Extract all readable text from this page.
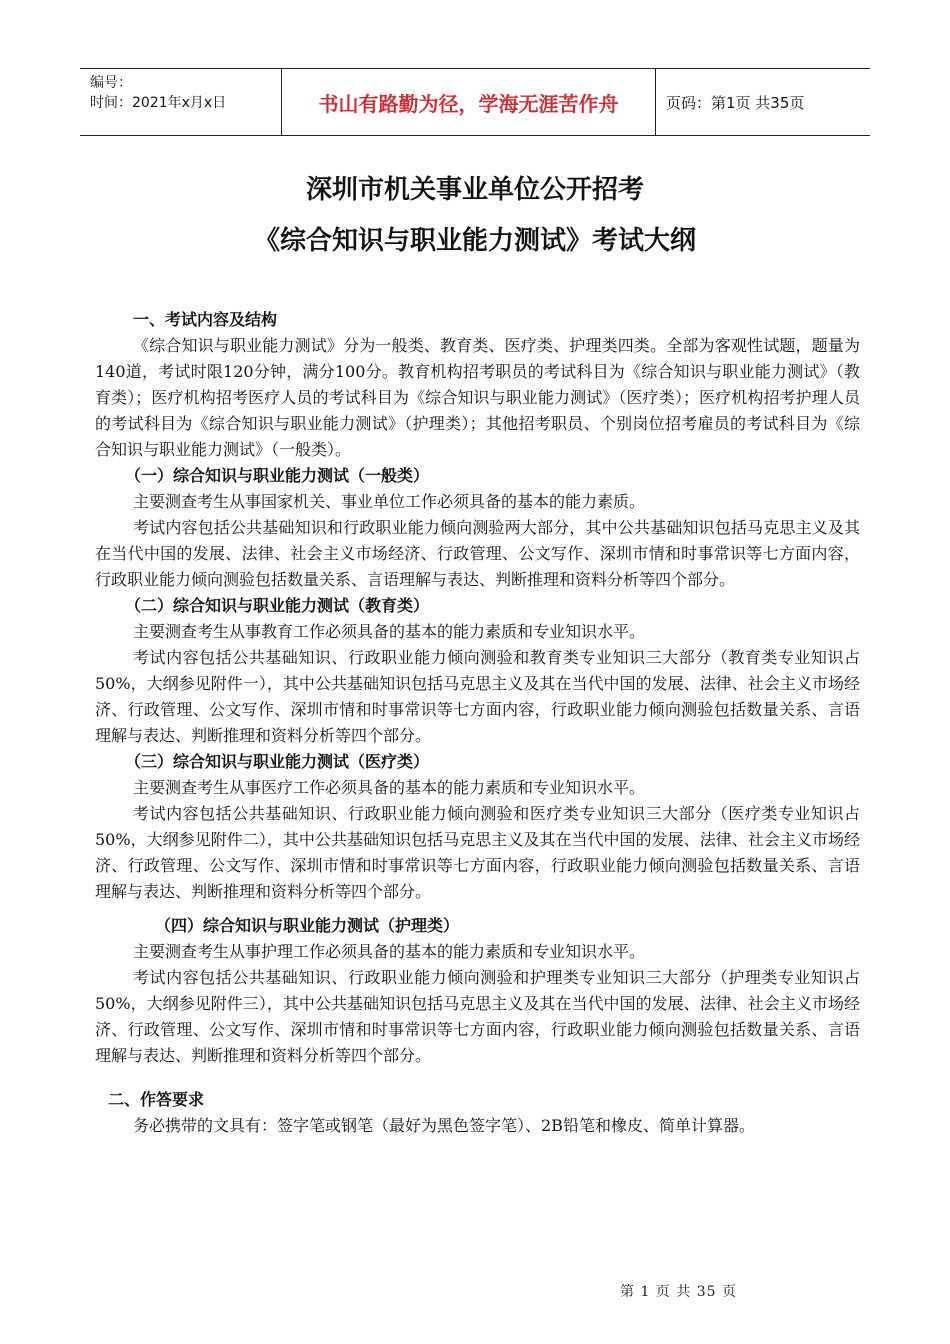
编号：
时间：2021年x月x日	书山有路勤为径，学海无涯苦作舟	页码：第1页 共35页
深圳市机关事业单位公开招考
《综合知识与职业能力测试》考试大纲
一、考试内容及结构

《综合知识与职业能力测试》分为一般类、教育类、医疗类、护理类四类。全部为客观性试题，题量为140道，考试时限120分钟，满分100分。教育机构招考职员的考试科目为《综合知识与职业能力测试》（教育类）；医疗机构招考医疗人员的考试科目为《综合知识与职业能力测试》（医疗类）；医疗机构招考护理人员的考试科目为《综合知识与职业能力测试》（护理类）；其他招考职员、个别岗位招考雇员的考试科目为《综合知识与职业能力测试》（一般类）。

（一）综合知识与职业能力测试（一般类）

主要测查考生从事国家机关、事业单位工作必须具备的基本的能力素质。

考试内容包括公共基础知识和行政职业能力倾向测验两大部分，其中公共基础知识包括马克思主义及其在当代中国的发展、法律、社会主义市场经济、行政管理、公文写作、深圳市情和时事常识等七方面内容，行政职业能力倾向测验包括数量关系、言语理解与表达、判断推理和资料分析等四个部分。

（二）综合知识与职业能力测试（教育类）

主要测查考生从事教育工作必须具备的基本的能力素质和专业知识水平。

考试内容包括公共基础知识、行政职业能力倾向测验和教育类专业知识三大部分（教育类专业知识占50%，大纲参见附件一），其中公共基础知识包括马克思主义及其在当代中国的发展、法律、社会主义市场经济、行政管理、公文写作、深圳市情和时事常识等七方面内容，行政职业能力倾向测验包括数量关系、言语理解与表达、判断推理和资料分析等四个部分。

（三）综合知识与职业能力测试（医疗类）

主要测查考生从事医疗工作必须具备的基本的能力素质和专业知识水平。

考试内容包括公共基础知识、行政职业能力倾向测验和医疗类专业知识三大部分（医疗类专业知识占50%，大纲参见附件二），其中公共基础知识包括马克思主义及其在当代中国的发展、法律、社会主义市场经济、行政管理、公文写作、深圳市情和时事常识等七方面内容，行政职业能力倾向测验包括数量关系、言语理解与表达、判断推理和资料分析等四个部分。

（四）综合知识与职业能力测试（护理类）

主要测查考生从事护理工作必须具备的基本的能力素质和专业知识水平。

考试内容包括公共基础知识、行政职业能力倾向测验和护理类专业知识三大部分（护理类专业知识占50%，大纲参见附件三），其中公共基础知识包括马克思主义及其在当代中国的发展、法律、社会主义市场经济、行政管理、公文写作、深圳市情和时事常识等七方面内容，行政职业能力倾向测验包括数量关系、言语理解与表达、判断推理和资料分析等四个部分。

二、作答要求

务必携带的文具有：签字笔或钢笔（最好为黑色签字笔）、2B铅笔和橡皮、简单计算器。

第 1 页 共 35 页
